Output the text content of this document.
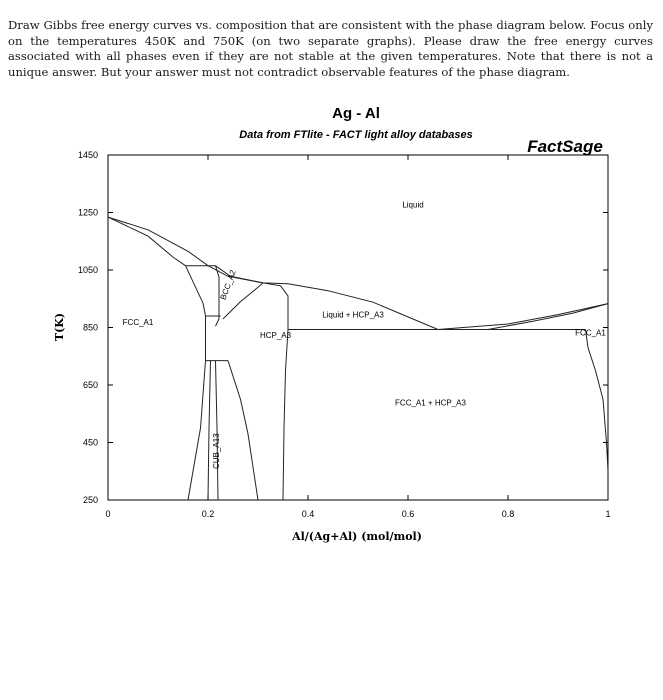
Draw Gibbs free energy curves vs. composition that are consistent with the phase diagram below. Focus only on the temperatures 450K and 750K (on two separate graphs). Please draw the free energy curves associated with all phases even if they are not stable at the given temperatures. Note that there is not a unique answer. But your answer must not contradict observable features of the phase diagram.

Ag - Al
Data from FTlite - FACT light alloy databases
FactSage
250
450
650
850
1050
1250
1450
0	0.2	0.4	0.6	0.8	1
Liquid
FCC_A1
BCC_A2
HCP_A3
Liquid + HCP_A3
FCC_A1
FCC_A1 + HCP_A3
CUB_A13
Al/(Ag+Al) (mol/mol)
T(K)
